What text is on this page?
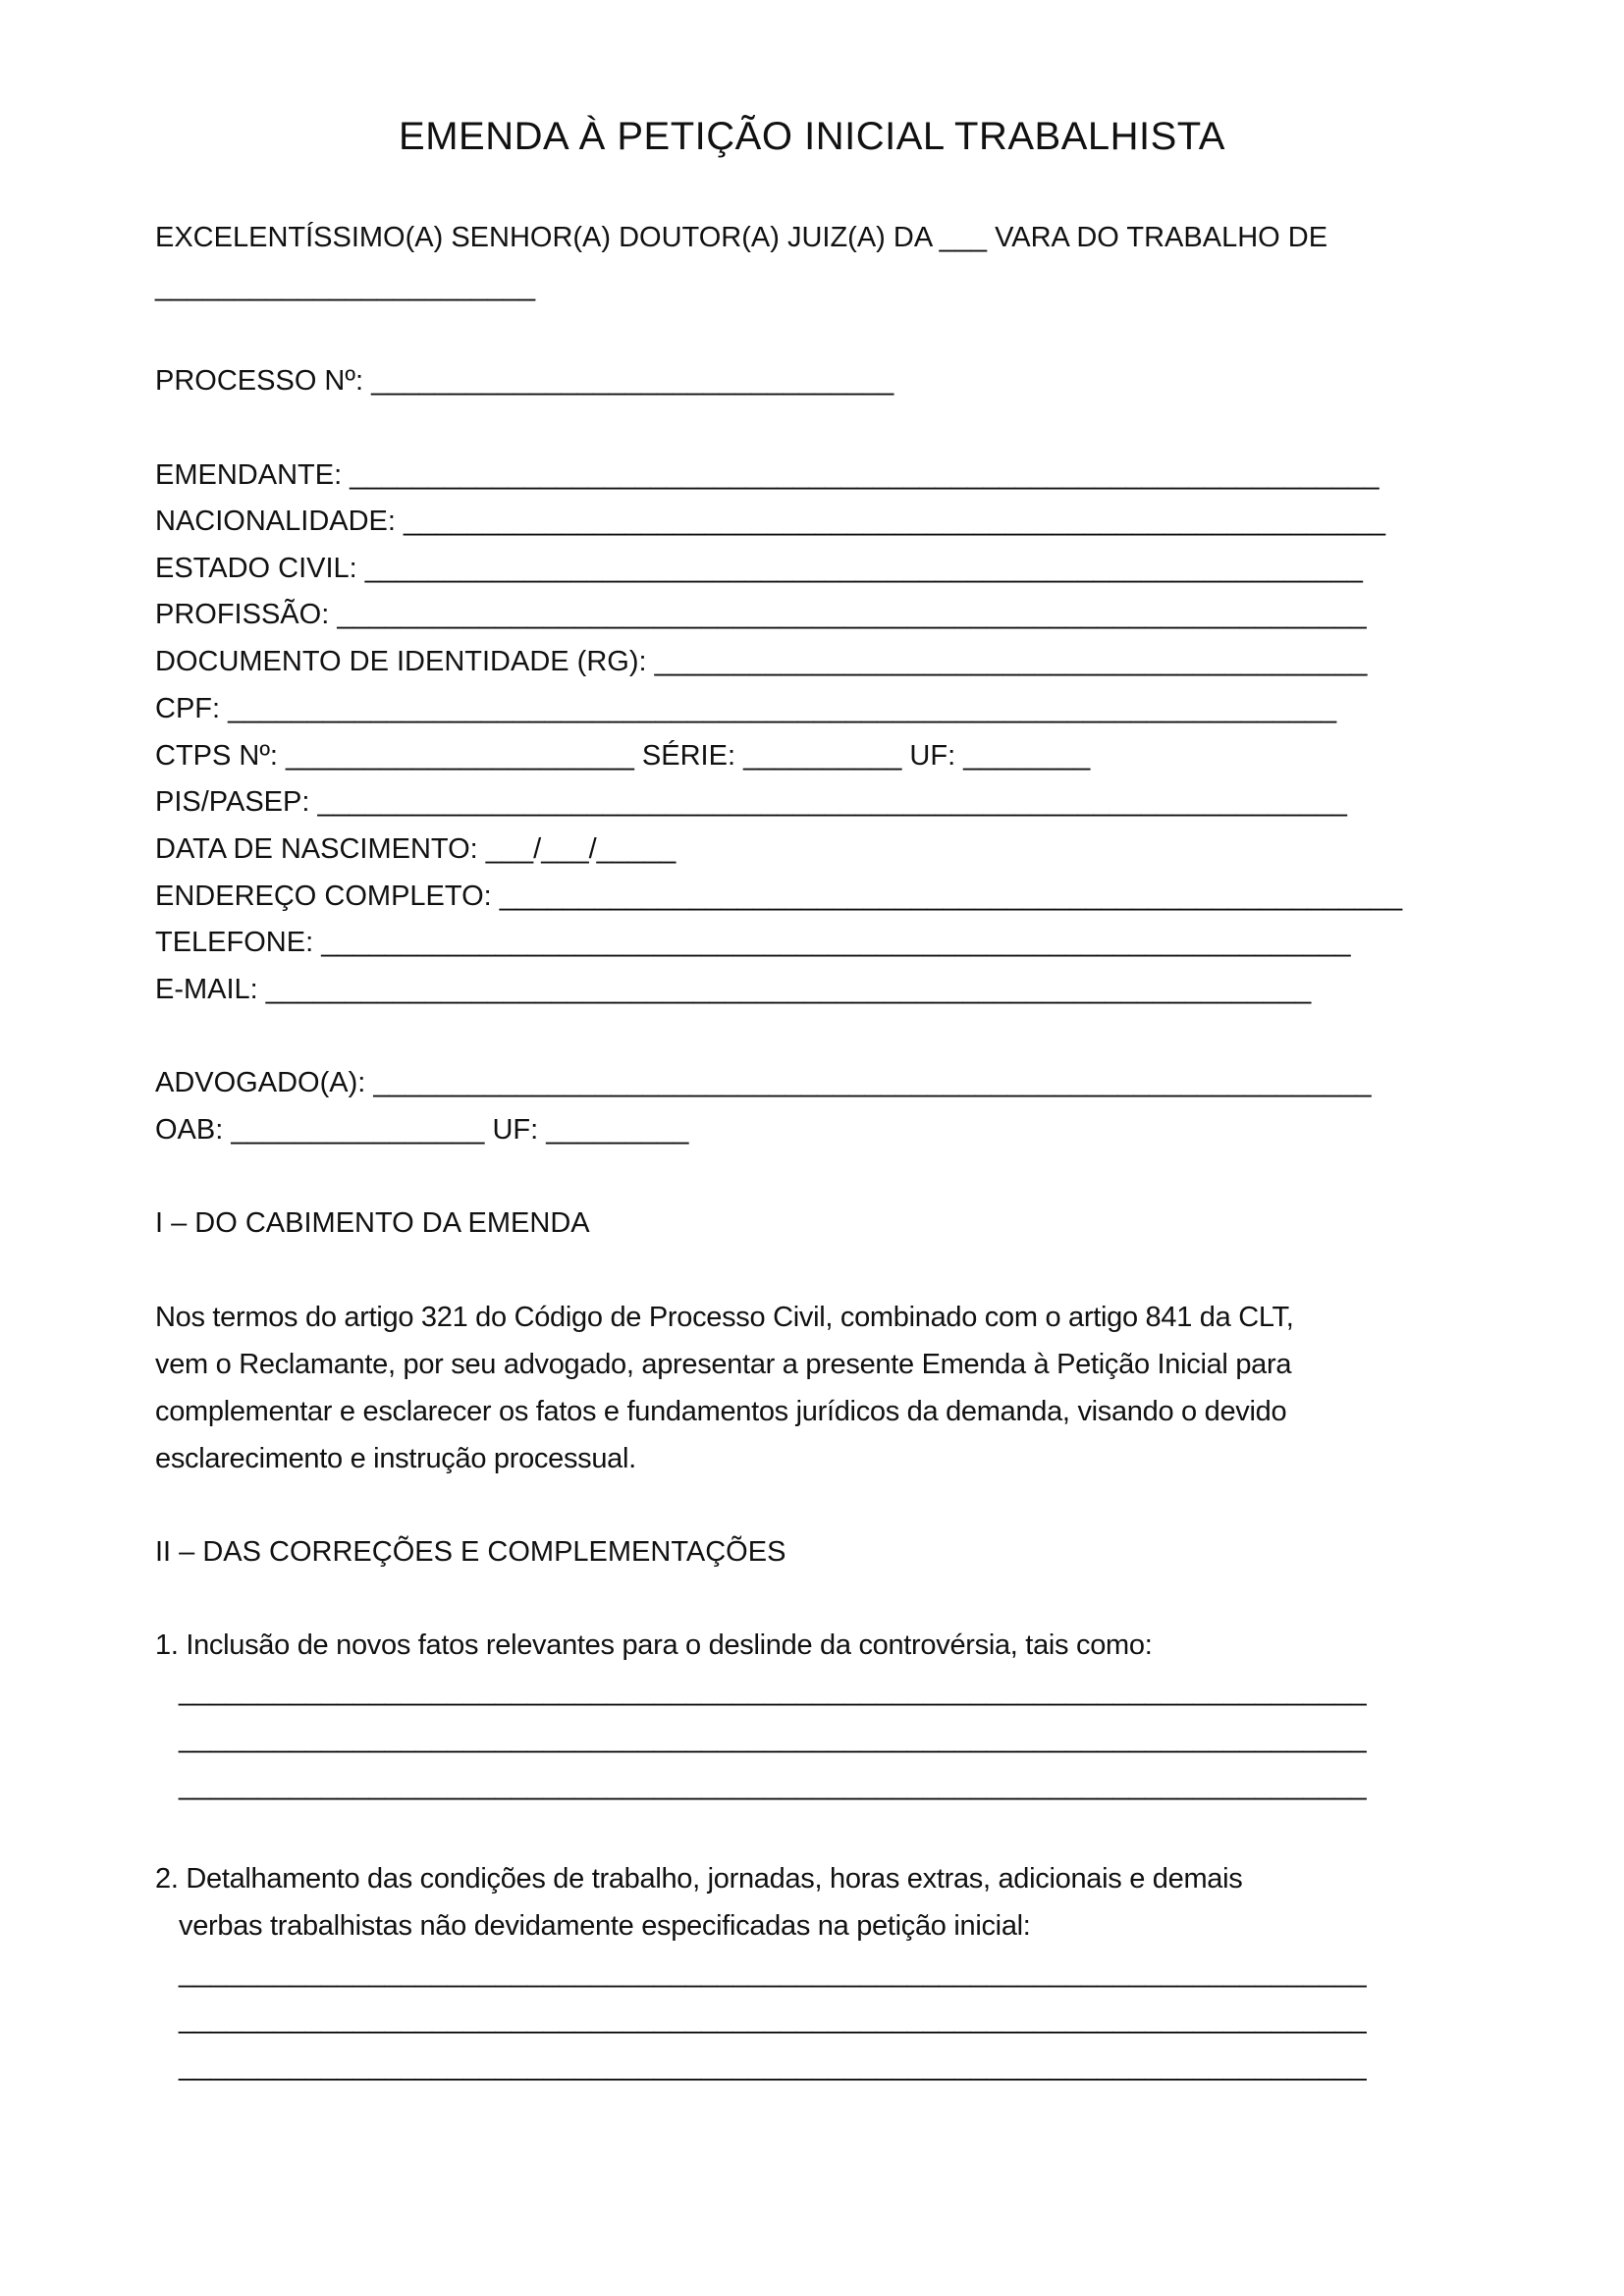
EMENDA À PETIÇÃO INICIAL TRABALHISTA
EXCELENTÍSSIMO(A) SENHOR(A) DOUTOR(A) JUIZ(A) DA ___ VARA DO TRABALHO DE
________________________
PROCESSO Nº: _________________________________
EMENDANTE: _________________________________________________________________
NACIONALIDADE: ______________________________________________________________
ESTADO CIVIL: _______________________________________________________________
PROFISSÃO: _________________________________________________________________
DOCUMENTO DE IDENTIDADE (RG): _____________________________________________
CPF: ______________________________________________________________________
CTPS Nº: ______________________ SÉRIE: __________ UF: ________
PIS/PASEP: _________________________________________________________________
DATA DE NASCIMENTO: ___/___/_____
ENDEREÇO COMPLETO: _________________________________________________________
TELEFONE: _________________________________________________________________
E-MAIL: __________________________________________________________________
ADVOGADO(A): _______________________________________________________________
OAB: ________________ UF: _________
I – DO CABIMENTO DA EMENDA
Nos termos do artigo 321 do Código de Processo Civil, combinado com o artigo 841 da CLT,
vem o Reclamante, por seu advogado, apresentar a presente Emenda à Petição Inicial para
complementar e esclarecer os fatos e fundamentos jurídicos da demanda, visando o devido
esclarecimento e instrução processual.
II – DAS CORREÇÕES E COMPLEMENTAÇÕES
1. Inclusão de novos fatos relevantes para o deslinde da controvérsia, tais como:
___________________________________________________________________________
___________________________________________________________________________
___________________________________________________________________________
2. Detalhamento das condições de trabalho, jornadas, horas extras, adicionais e demais
verbas trabalhistas não devidamente especificadas na petição inicial:
___________________________________________________________________________
___________________________________________________________________________
___________________________________________________________________________
